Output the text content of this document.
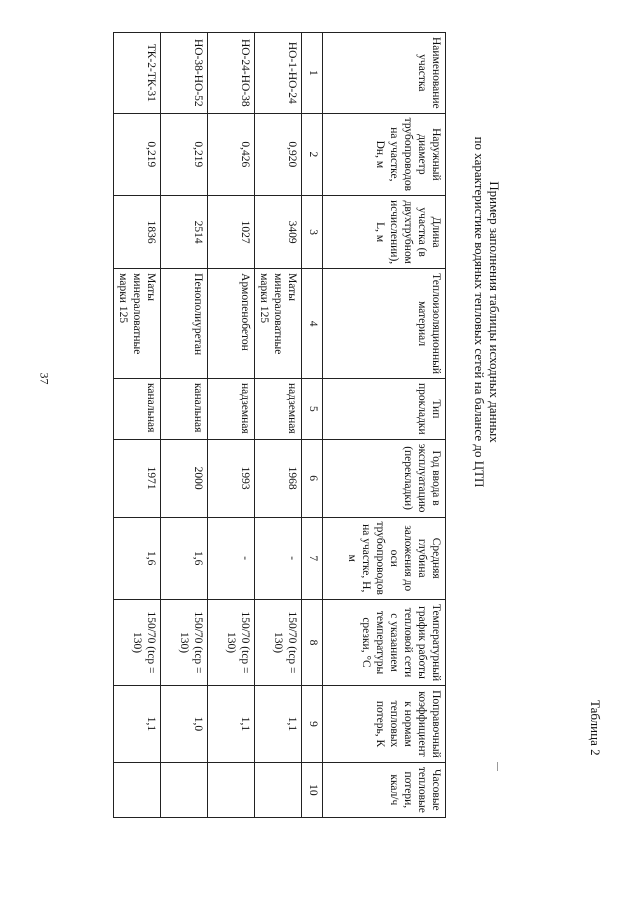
37
Таблица 2
Пример заполнения таблицы исходных данных
по характеристике водяных тепловых сетей на балансе до ЦТП
Наименование участка	Наружный диаметр трубопроводов на участке, Dн, м	Длина участка (в двухтрубном исчислении), L, м	Теплоизоляционный материал	Тип прокладки	Год ввода в эксплуатацию (перекладки)	Средняя глубина заложения до оси трубопроводов на участке, Н, м	Температурный график работы тепловой сети с указанием температуры срезки, °С	Поправочный коэффициент к нормам тепловых потерь, К	Часовые тепловые потери, ккал/ч
1	2	3	4	5	6	7	8	9	10
НО-1-НО-24	0,920	3409	Маты минераловатные марки 125	надземная	1968	-	150/70 (tср = 130)	1,1	
НО-24-НО-38	0,426	1027	Армопенобетон	надземная	1993	-	150/70 (tср = 130)	1,1	
НО-38-НО-52	0,219	2514	Пенополиуретан	канальная	2000	1,6	150/70 (tср = 130)	1,0	
ТК-2-ТК-31	0,219	1836	Маты минераловатные марки 125	канальная	1971	1,6	150/70 (tср = 130)	1,1	
